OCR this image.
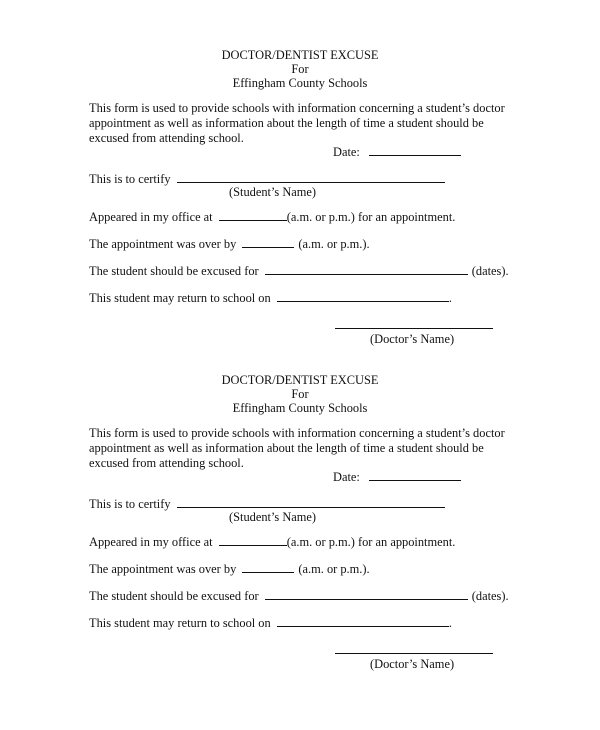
DOCTOR/DENTIST EXCUSE
For
Effingham County Schools
This form is used to provide schools with information concerning a student’s doctor appointment as well as information about the length of time a student should be excused from attending school.
Date:
This is to certify
(Student’s Name)
Appeared in my office at	(a.m. or p.m.) for an appointment.
The appointment was over by	(a.m. or p.m.).
The student should be excused for	(dates).
This student may return to school on	.
(Doctor’s Name)
DOCTOR/DENTIST EXCUSE
For
Effingham County Schools
This form is used to provide schools with information concerning a student’s doctor appointment as well as information about the length of time a student should be excused from attending school.
Date:
This is to certify
(Student’s Name)
Appeared in my office at	(a.m. or p.m.) for an appointment.
The appointment was over by	(a.m. or p.m.).
The student should be excused for	(dates).
This student may return to school on	.
(Doctor’s Name)
